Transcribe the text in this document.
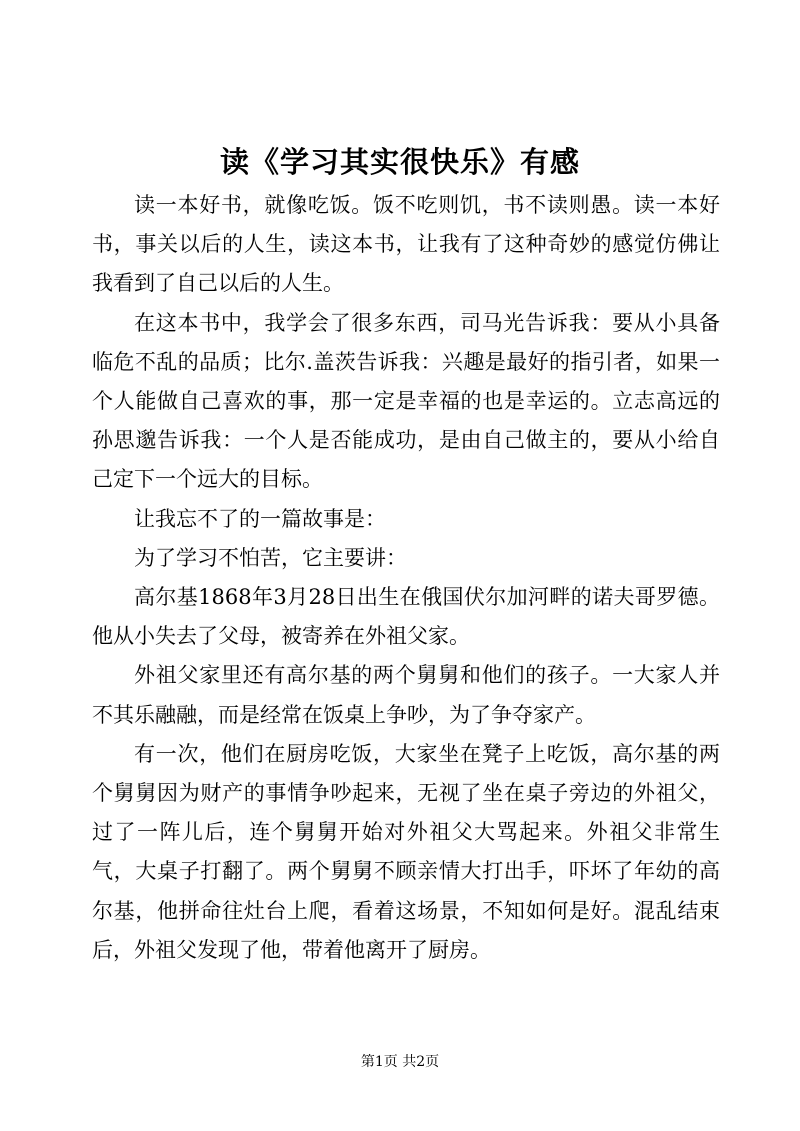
读《学习其实很快乐》有感

读一本好书，就像吃饭。饭不吃则饥，书不读则愚。读一本好书，事关以后的人生，读这本书，让我有了这种奇妙的感觉仿佛让我看到了自己以后的人生。

在这本书中，我学会了很多东西，司马光告诉我：要从小具备临危不乱的品质；比尔.盖茨告诉我：兴趣是最好的指引者，如果一个人能做自己喜欢的事，那一定是幸福的也是幸运的。立志高远的孙思邈告诉我：一个人是否能成功，是由自己做主的，要从小给自己定下一个远大的目标。

让我忘不了的一篇故事是：

为了学习不怕苦，它主要讲：

高尔基1868年3月28日出生在俄国伏尔加河畔的诺夫哥罗德。他从小失去了父母，被寄养在外祖父家。

外祖父家里还有高尔基的两个舅舅和他们的孩子。一大家人并不其乐融融，而是经常在饭桌上争吵，为了争夺家产。

有一次，他们在厨房吃饭，大家坐在凳子上吃饭，高尔基的两个舅舅因为财产的事情争吵起来，无视了坐在桌子旁边的外祖父，过了一阵儿后，连个舅舅开始对外祖父大骂起来。外祖父非常生气，大桌子打翻了。两个舅舅不顾亲情大打出手，吓坏了年幼的高尔基，他拼命往灶台上爬，看着这场景，不知如何是好。混乱结束后，外祖父发现了他，带着他离开了厨房。

第1页 共2页
